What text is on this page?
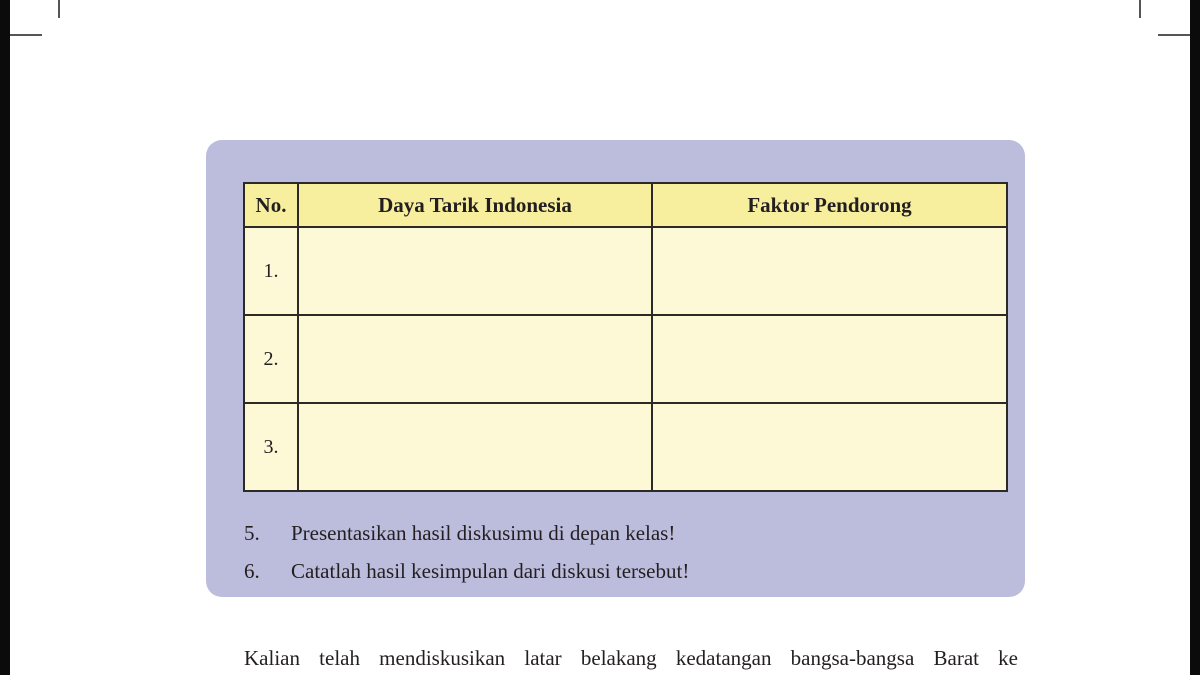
No.	Daya Tarik Indonesia	Faktor Pendorong
1.		
2.		
3.		
5. Presentasikan hasil diskusimu di depan kelas!
6. Catatlah hasil kesimpulan dari diskusi tersebut!

Kalian telah mendiskusikan latar belakang kedatangan bangsa-bangsa Barat ke
